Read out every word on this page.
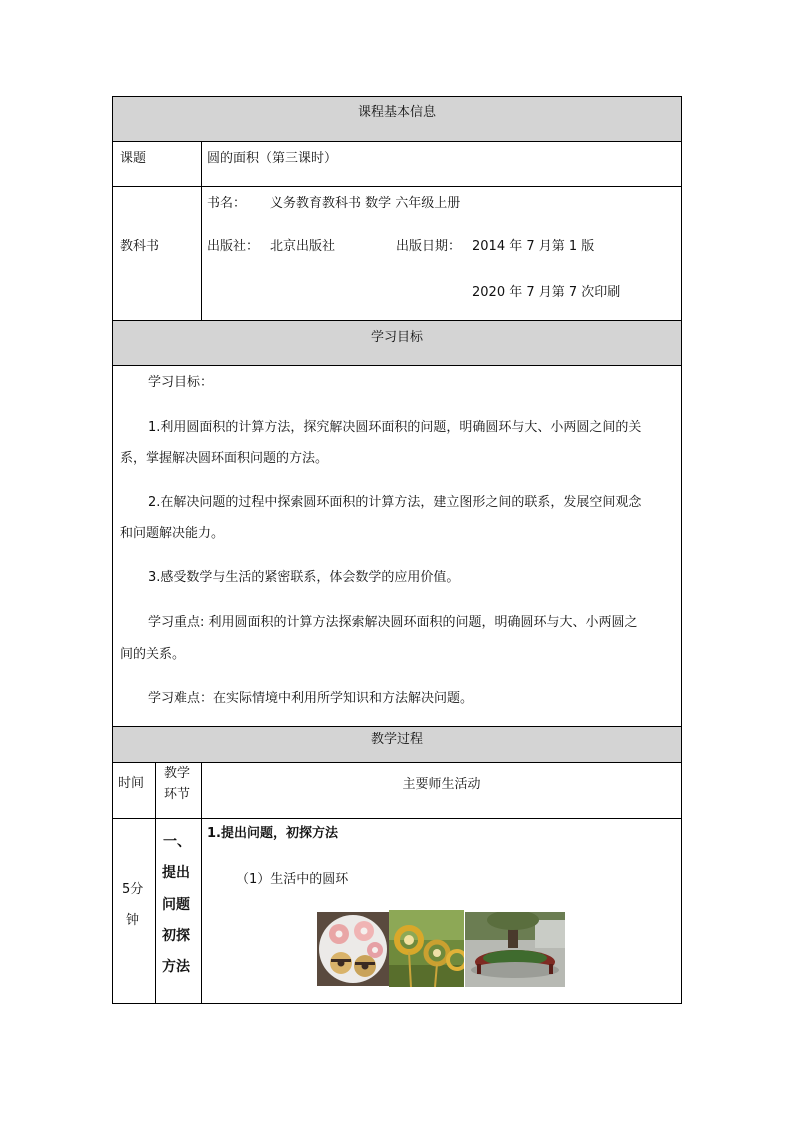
课程基本信息
课题	圆的面积（第三课时）
教科书
书名： 义务教育教科书 数学 六年级上册
出版社： 北京出版社	出版日期： 2014 年 7 月第 1 版
2020 年 7 月第 7 次印刷
学习目标
学习目标：
1.利用圆面积的计算方法，探究解决圆环面积的问题，明确圆环与大、小两圆之间的关
系，掌握解决圆环面积问题的方法。
2.在解决问题的过程中探索圆环面积的计算方法，建立图形之间的联系，发展空间观念
和问题解决能力。
3.感受数学与生活的紧密联系，体会数学的应用价值。
学习重点: 利用圆面积的计算方法探索解决圆环面积的问题，明确圆环与大、小两圆之
间的关系。
学习难点：在实际情境中利用所学知识和方法解决问题。
教学过程
时间
教学
环节
主要师生活动
5分
钟
一、
提出
问题
初探
方法
1.提出问题，初探方法
（1）生活中的圆环
